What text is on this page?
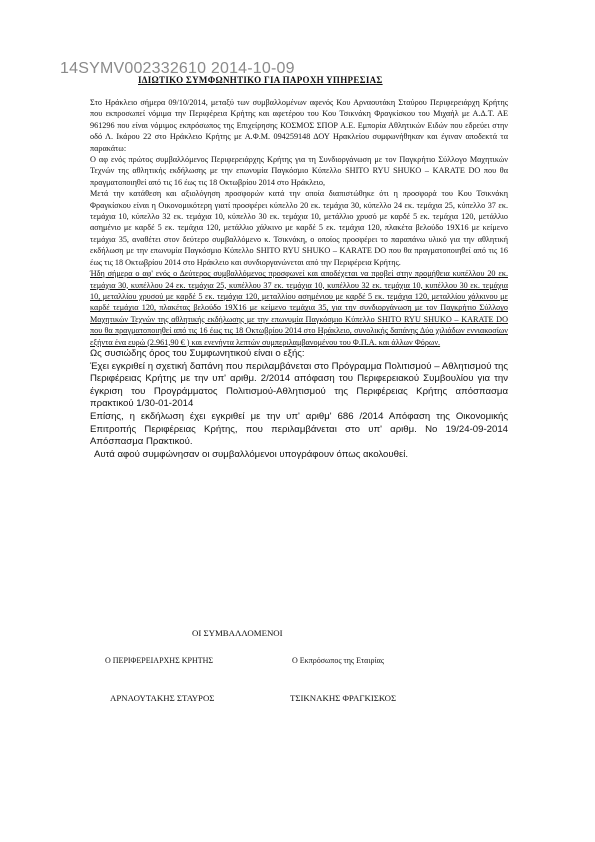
14SYMV002332610 2014-10-09
ΙΔΙΩΤΙΚΟ ΣΥΜΦΩΝΗΤΙΚΟ ΓΙΑ ΠΑΡΟΧΗ ΥΠΗΡΕΣΙΑΣ

Στο Ηράκλειο σήμερα 09/10/2014, μεταξύ των συμβαλλομένων αφενός Κου Αρναουτάκη Σταύρου Περιφερειάρχη Κρήτης που εκπροσωπεί νόμιμα την Περιφέρεια Κρήτης και αφετέρου του Κου Τσικνάκη Φραγκίσκου του Μιχαήλ με Α.Δ.Τ. ΑΕ 961296 που είναι νόμιμος εκπρόσωπος της Επιχείρησης ΚΟΣΜΟΣ ΣΠΟΡ Α.Ε. Εμπορία Αθλητικών Ειδών που εδρεύει στην οδό Λ. Ικάρου 22 στο Ηράκλειο Κρήτης με Α.Φ.Μ. 094259148 ΔΟΥ Ηρακλείου συμφωνήθηκαν και έγιναν αποδεκτά τα παρακάτω:

Ο αφ ενός πρώτος συμβαλλόμενος Περιφερειάρχης Κρήτης για τη Συνδιοργάνωση με τον Παγκρήτιο Σύλλογο Μαχητικών Τεχνών της αθλητικής εκδήλωσης με την επωνυμία Παγκόσμιο Κύπελλο SHITO RYU SHUKO – KARATE DO που θα πραγματοποιηθεί από τις 16 έως τις 18 Οκτωβρίου 2014 στο Ηράκλειο,

Μετά την κατάθεση και αξιολόγηση προσφορών κατά την οποία διαπιστώθηκε ότι η προσφορά του Κου Τσικνάκη Φραγκίσκου είναι η Οικονομικότερη γιατί προσφέρει κύπελλο 20 εκ. τεμάχια 30, κύπελλο 24 εκ. τεμάχια 25, κύπελλο 37 εκ. τεμάχια 10, κύπελλο 32 εκ. τεμάχια 10, κύπελλο 30 εκ. τεμάχια 10, μετάλλιο χρυσό με καρδέ 5 εκ. τεμάχια 120, μετάλλιο ασημένιο με καρδέ 5 εκ. τεμάχια 120, μετάλλιο χάλκινο με καρδέ 5 εκ. τεμάχια 120, πλακέτα βελούδο 19Χ16 με κείμενο τεμάχια 35, αναθέτει στον δεύτερο συμβαλλόμενο κ. Τσικνάκη, ο οποίος προσφέρει το παραπάνω υλικό για την αθλητική εκδήλωση με την επωνυμία Παγκόσμιο Κύπελλο SHITO RYU SHUKO – KARATE DO που θα πραγματοποιηθεί από τις 16 έως τις 18 Οκτωβρίου 2014 στο Ηράκλειο και συνδιοργανώνεται από την Περιφέρεια Κρήτης.

Ήδη σήμερα ο αφ' ενός ο Δεύτερος συμβαλλόμενος προσφωνεί και αποδέχεται να προβεί στην προμήθεια κυπέλλου 20 εκ. τεμάχια 30, κυπέλλου 24 εκ. τεμάχια 25, κυπέλλου 37 εκ. τεμάχια 10, κυπέλλου 32 εκ. τεμάχια 10, κυπέλλου 30 εκ. τεμάχια 10, μεταλλίου χρυσού με καρδέ 5 εκ. τεμάχια 120, μεταλλίου ασημένιου με καρδέ 5 εκ. τεμάχια 120, μεταλλίου χάλκινου με καρδέ τεμάχια 120, πλακέτας βελούδο 19Χ16 με κείμενο τεμάχια 35, για την συνδιοργάνωση με τον Παγκρήτιο Σύλλογο Μαχητικών Τεχνών της αθλητικής εκδήλωσης με την επωνυμία Παγκόσμιο Κύπελλο SHITO RYU SHUKO – KARATE DO που θα πραγματοποιηθεί από τις 16 έως τις 18 Οκτωβρίου 2014 στο Ηράκλειο, συνολικής δαπάνης Δύο χιλιάδων εννιακοσίων εξήντα ένα ευρώ (2.961,90 € ) και ενενήντα λεπτών συμπεριλαμβανομένου του Φ.Π.Α. και άλλων Φόρων.

Ως συσιώδης όρος του Συμφωνητικού είναι ο εξής:

Έχει εγκριθεί η σχετική δαπάνη που περιλαμβάνεται στο Πρόγραμμα Πολιτισμού – Αθλητισμού της Περιφέρειας Κρήτης με την υπ' αριθμ. 2/2014 απόφαση του Περιφερειακού Συμβουλίου για την έγκριση του Προγράμματος Πολιτισμού-Αθλητισμού της Περιφέρειας Κρήτης απόσπασμα πρακτικού 1/30-01-2014

Επίσης, η εκδήλωση έχει εγκριθεί με την υπ' αριθμ' 686 /2014 Απόφαση της Οικονομικής Επιτροπής Περιφέρειας Κρήτης, που περιλαμβάνεται στο υπ' αριθμ. Νο 19/24-09-2014 Απόσπασμα Πρακτικού.

Αυτά αφού συμφώνησαν οι συμβαλλόμενοι υπογράφουν όπως ακολουθεί.

ΟΙ ΣΥΜΒΑΛΛΟΜΕΝΟΙ
Ο ΠΕΡΙΦΕΡΕΙΑΡΧΗΣ ΚΡΗΤΗΣ	Ο Εκπρόσωπος της Εταιρίας
ΑΡΝΑΟΥΤΑΚΗΣ ΣΤΑΥΡΟΣ	ΤΣΙΚΝΑΚΗΣ ΦΡΑΓΚΙΣΚΟΣ
